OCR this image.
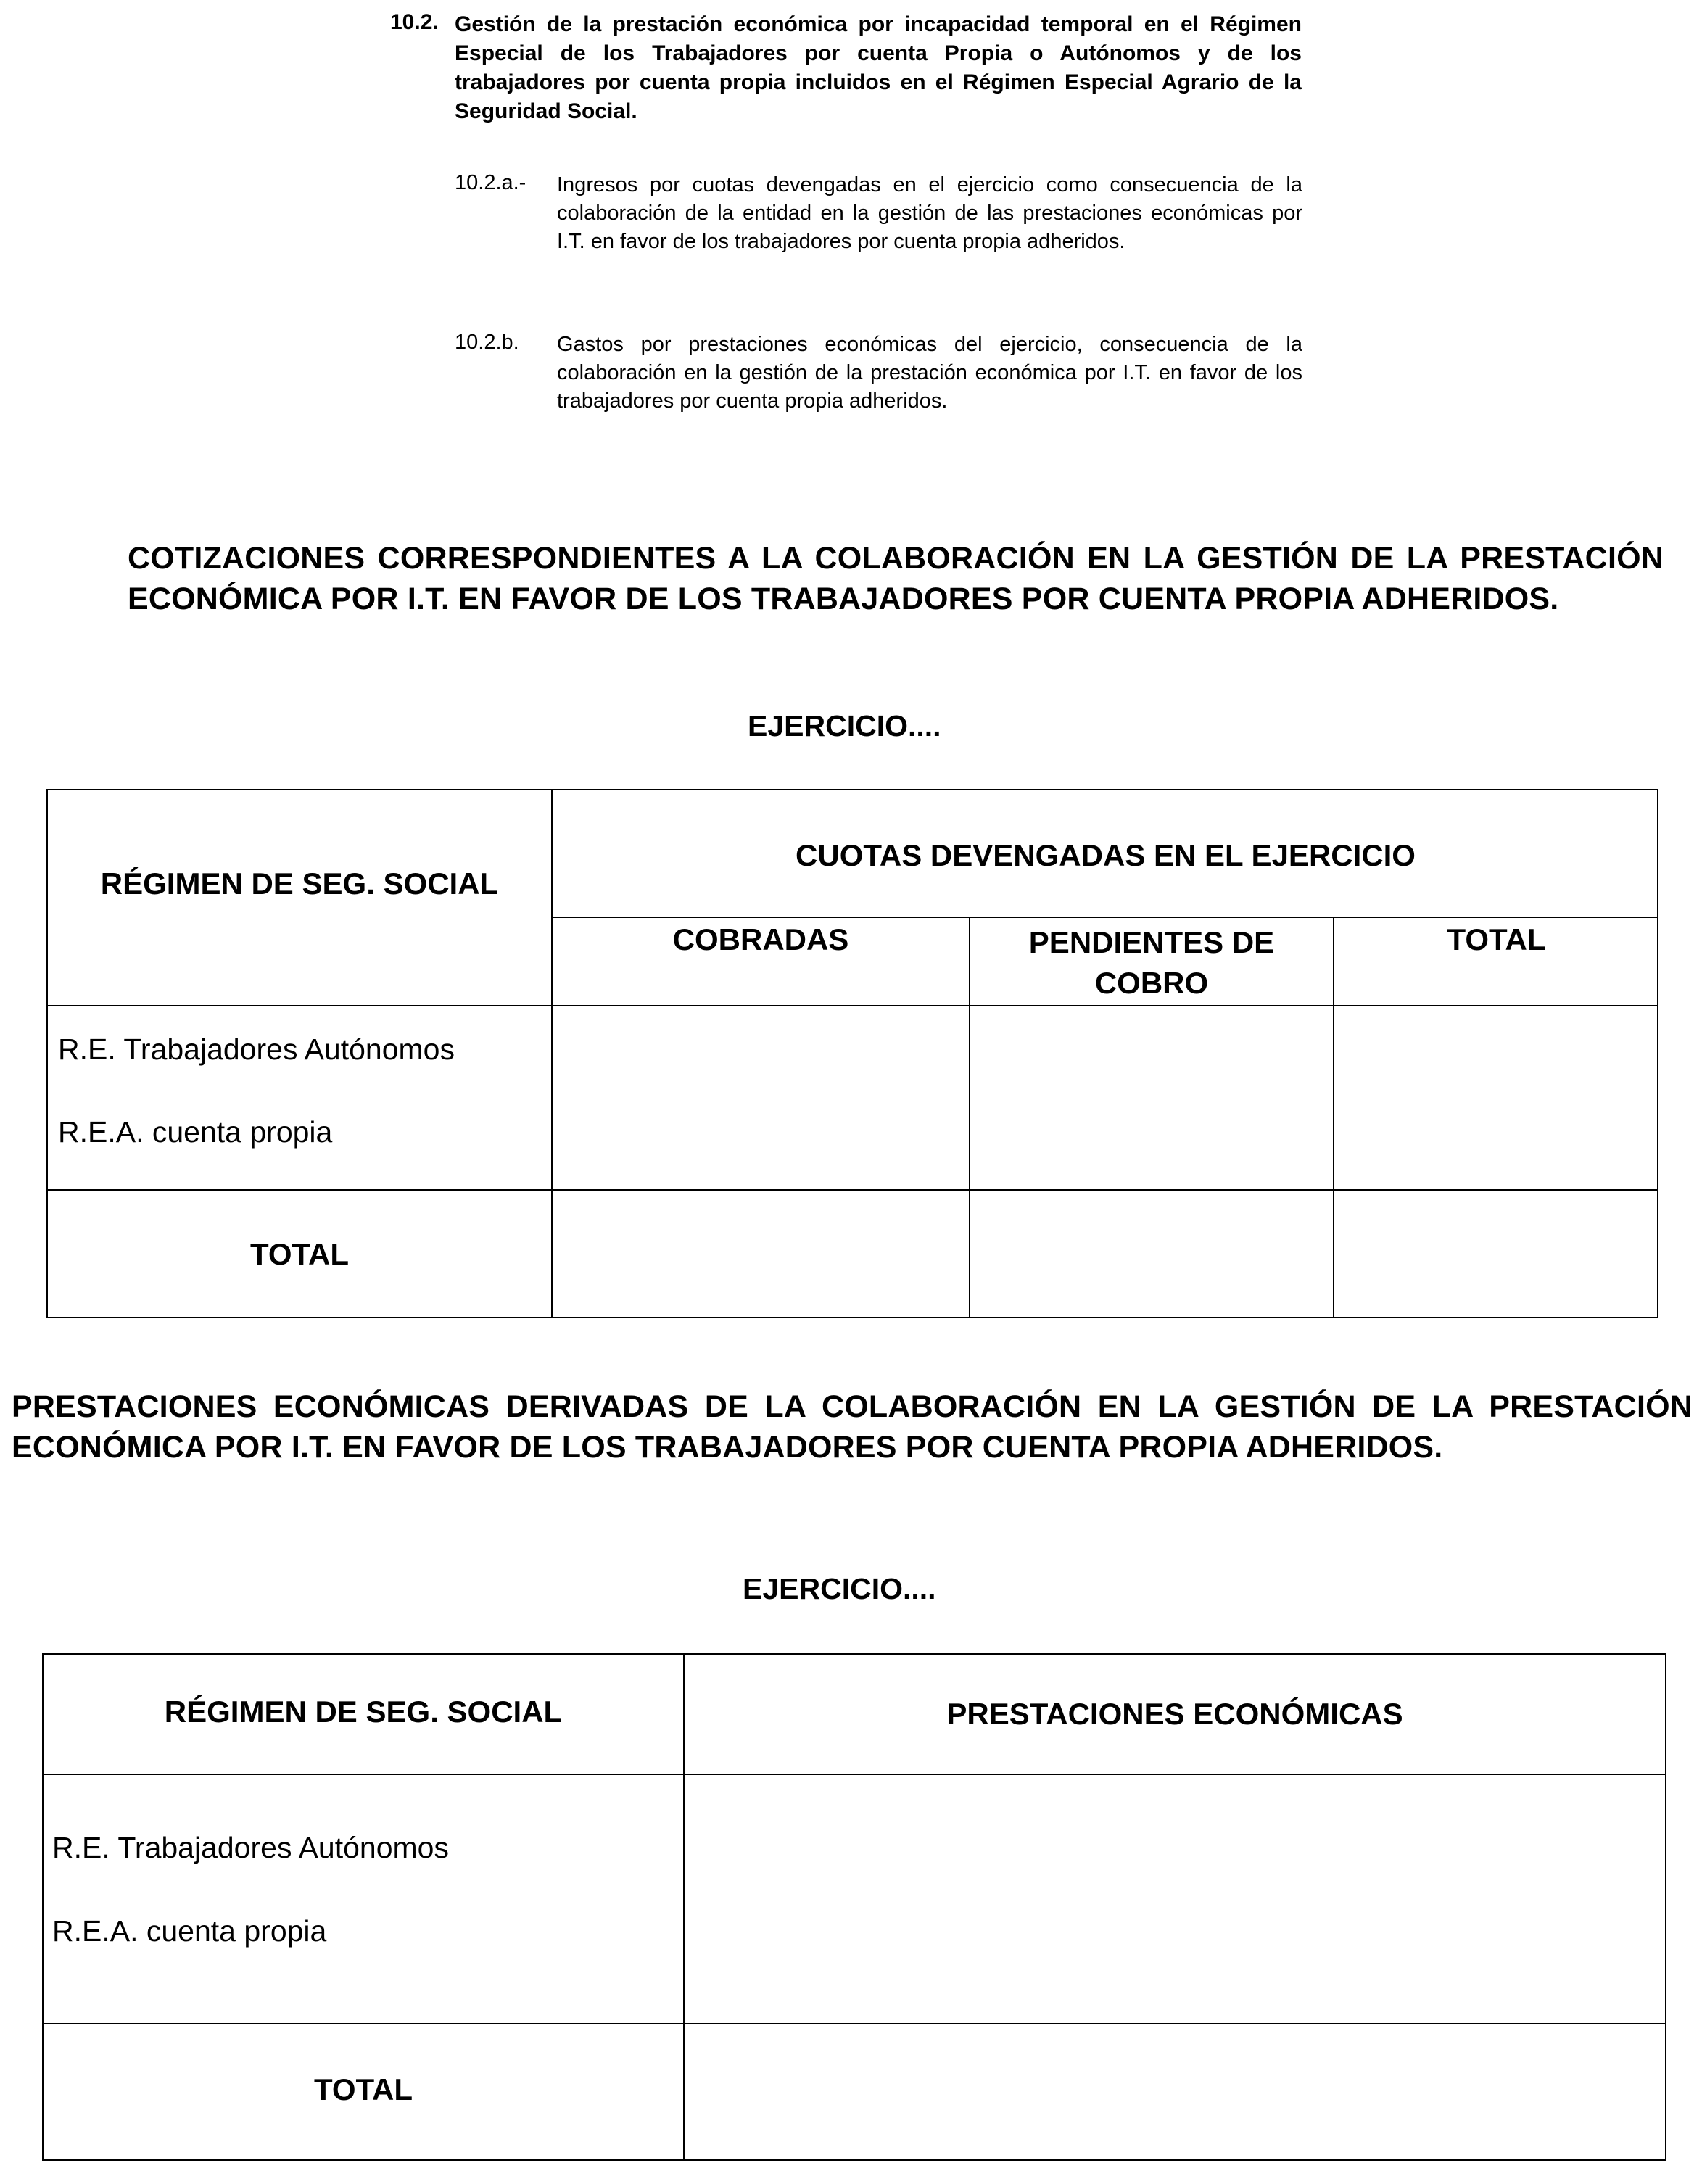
10.2. Gestión de la prestación económica por incapacidad temporal en el Régimen Especial de los Trabajadores por cuenta Propia o Autónomos y de los trabajadores por cuenta propia incluidos en el Régimen Especial Agrario de la Seguridad Social.
10.2.a.- Ingresos por cuotas devengadas en el ejercicio como consecuencia de la colaboración de la entidad en la gestión de las prestaciones económicas por I.T. en favor de los trabajadores por cuenta propia adheridos.
10.2.b. Gastos por prestaciones económicas del ejercicio, consecuencia de la colaboración en la gestión de la prestación económica por I.T. en favor de los trabajadores por cuenta propia adheridos.
COTIZACIONES CORRESPONDIENTES A LA COLABORACIÓN EN LA GESTIÓN DE LA PRESTACIÓN ECONÓMICA POR I.T. EN FAVOR DE LOS TRABAJADORES POR CUENTA PROPIA ADHERIDOS.
EJERCICIO....
RÉGIMEN DE SEG. SOCIAL
CUOTAS DEVENGADAS EN EL EJERCICIO
COBRADAS	PENDIENTES DE COBRO
TOTAL
R.E. Trabajadores Autónomos
R.E.A. cuenta propia
TOTAL
PRESTACIONES ECONÓMICAS DERIVADAS DE LA COLABORACIÓN EN LA GESTIÓN DE LA PRESTACIÓN ECONÓMICA POR I.T. EN FAVOR DE LOS TRABAJADORES POR CUENTA PROPIA ADHERIDOS.
EJERCICIO....
RÉGIMEN DE SEG. SOCIAL	PRESTACIONES ECONÓMICAS
R.E. Trabajadores Autónomos
R.E.A. cuenta propia
TOTAL
